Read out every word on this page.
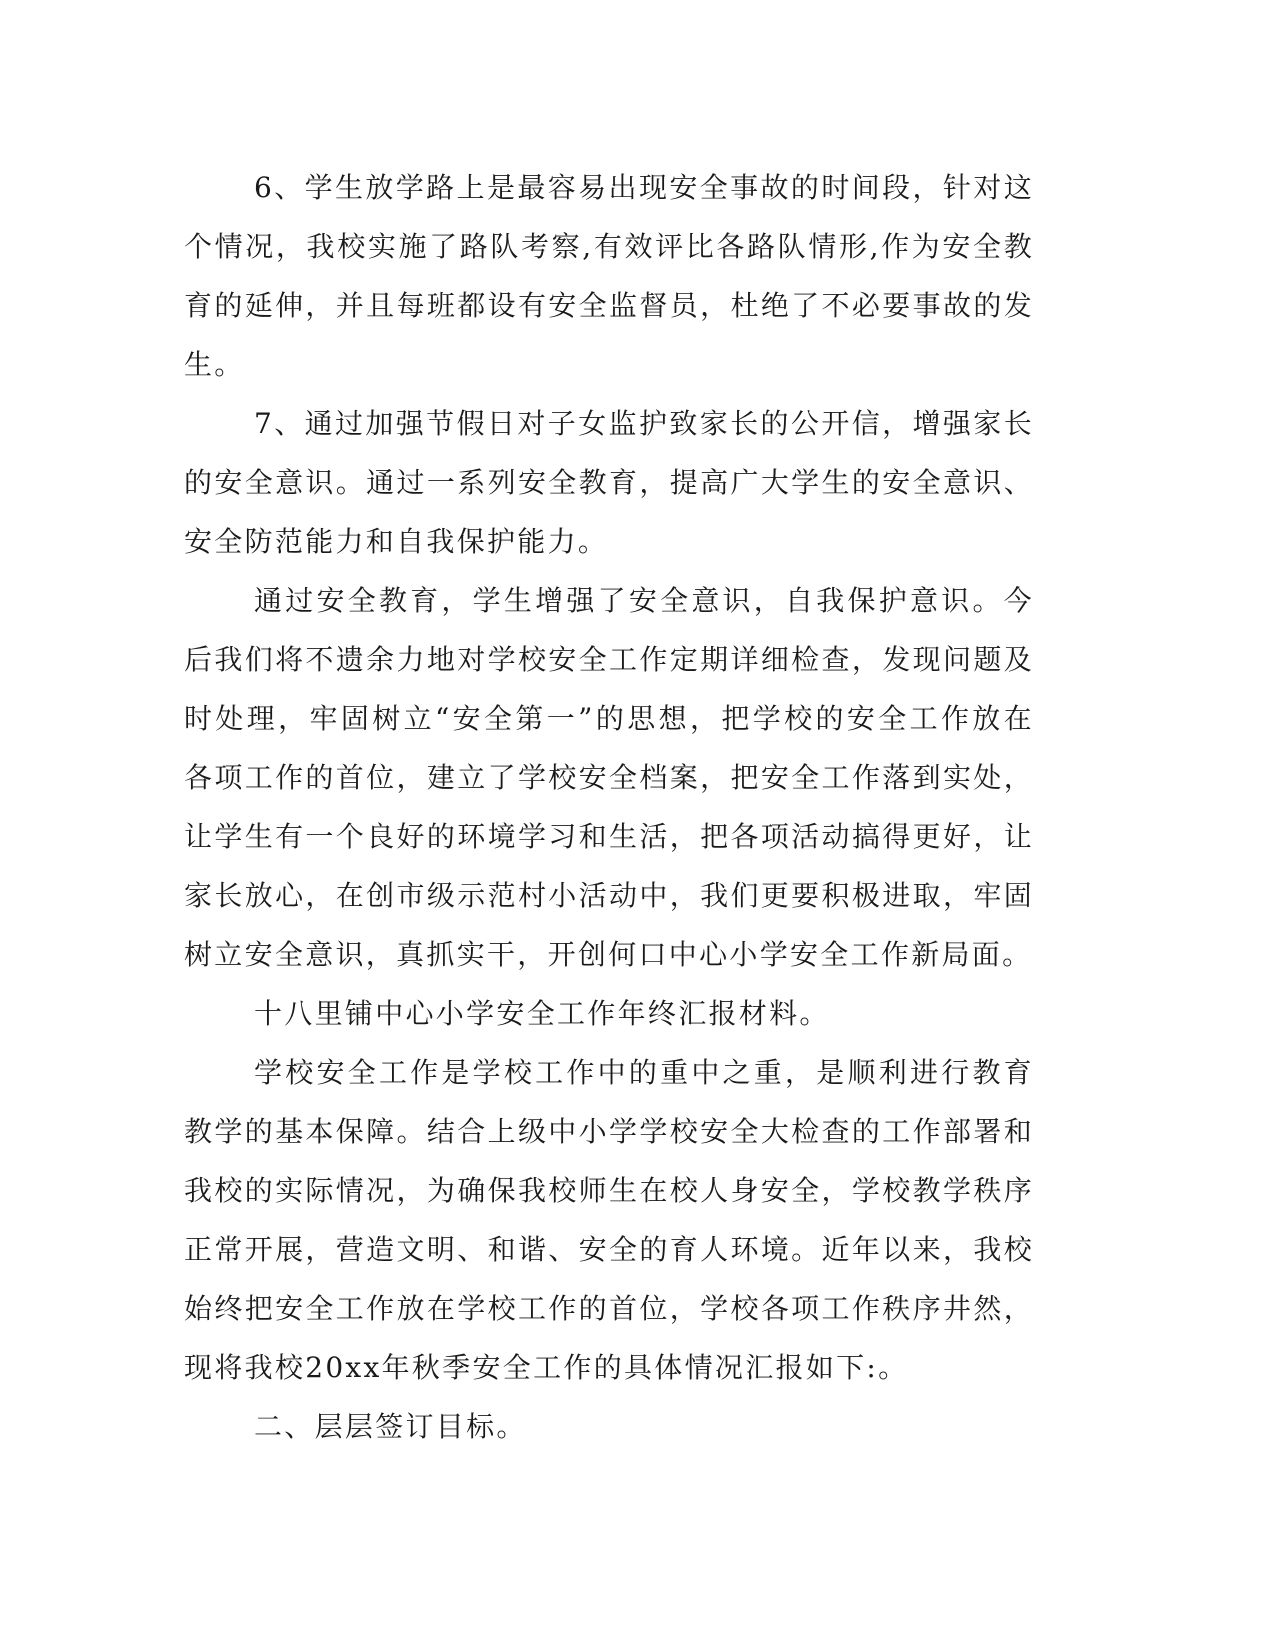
6、学生放学路上是最容易出现安全事故的时间段，针对这个情况，我校实施了路队考察,有效评比各路队情形,作为安全教育的延伸，并且每班都设有安全监督员，杜绝了不必要事故的发生。

7、通过加强节假日对子女监护致家长的公开信，增强家长的安全意识。通过一系列安全教育，提高广大学生的安全意识、安全防范能力和自我保护能力。

通过安全教育，学生增强了安全意识，自我保护意识。今后我们将不遗余力地对学校安全工作定期详细检查，发现问题及时处理，牢固树立“安全第一”的思想，把学校的安全工作放在各项工作的首位，建立了学校安全档案，把安全工作落到实处，让学生有一个良好的环境学习和生活，把各项活动搞得更好，让家长放心，在创市级示范村小活动中，我们更要积极进取，牢固树立安全意识，真抓实干，开创何口中心小学安全工作新局面。

十八里铺中心小学安全工作年终汇报材料。

学校安全工作是学校工作中的重中之重，是顺利进行教育教学的基本保障。结合上级中小学学校安全大检查的工作部署和我校的实际情况，为确保我校师生在校人身安全，学校教学秩序正常开展，营造文明、和谐、安全的育人环境。近年以来，我校始终把安全工作放在学校工作的首位，学校各项工作秩序井然，现将我校20xx年秋季安全工作的具体情况汇报如下:。

二、层层签订目标。
